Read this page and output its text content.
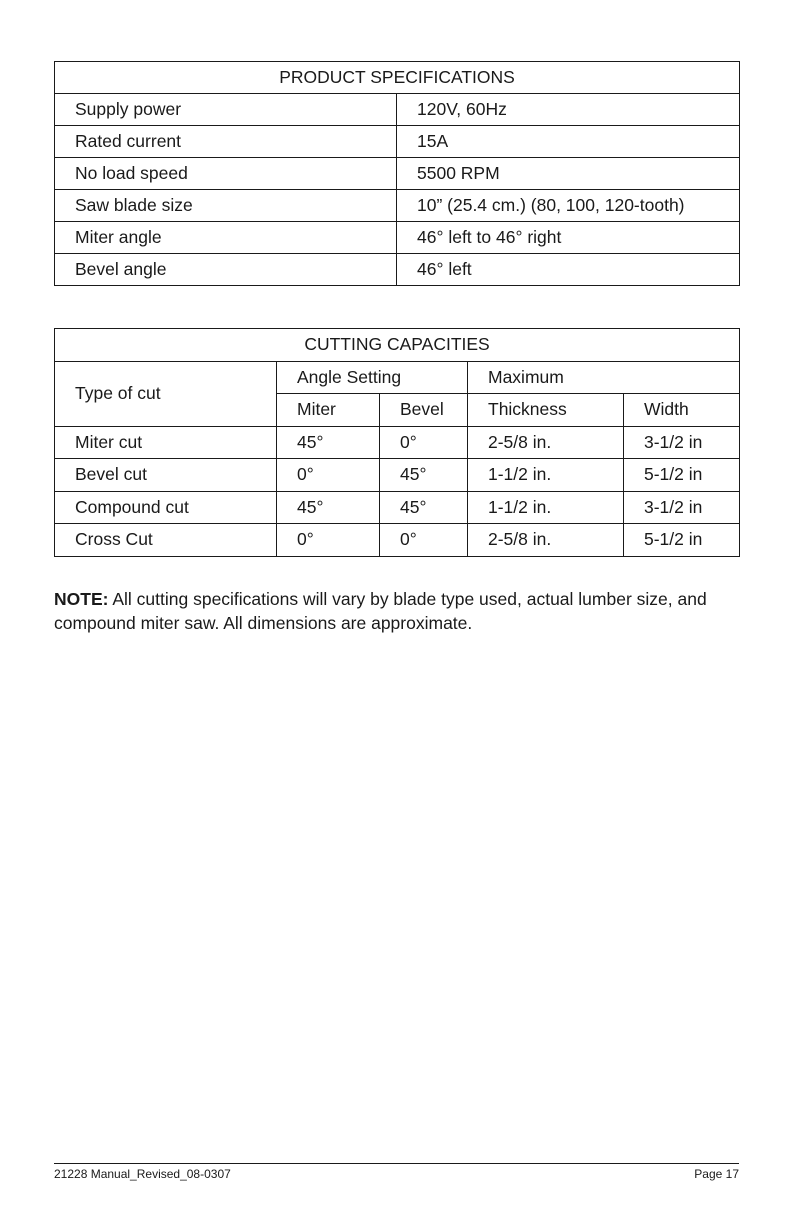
PRODUCT SPECIFICATIONS	
Supply power	120V, 60Hz
Rated current	15A
No load speed	5500 RPM
Saw blade size	10” (25.4 cm.) (80, 100, 120-tooth)
Miter angle	46° left to 46° right
Bevel angle	46° left
CUTTING CAPACITIES				
Type of cut	Angle Setting		Maximum	
	Miter	Bevel	Thickness	Width
Miter cut	45°	0°	2-5/8 in.	3-1/2 in
Bevel cut	0°	45°	1-1/2 in.	5-1/2 in
Compound cut	45°	45°	1-1/2 in.	3-1/2 in
Cross Cut	0°	0°	2-5/8 in.	5-1/2 in

NOTE: All cutting specifications will vary by blade type used, actual lumber size, and compound miter saw. All dimensions are approximate.

21228 Manual_Revised_08-0307	Page 17
